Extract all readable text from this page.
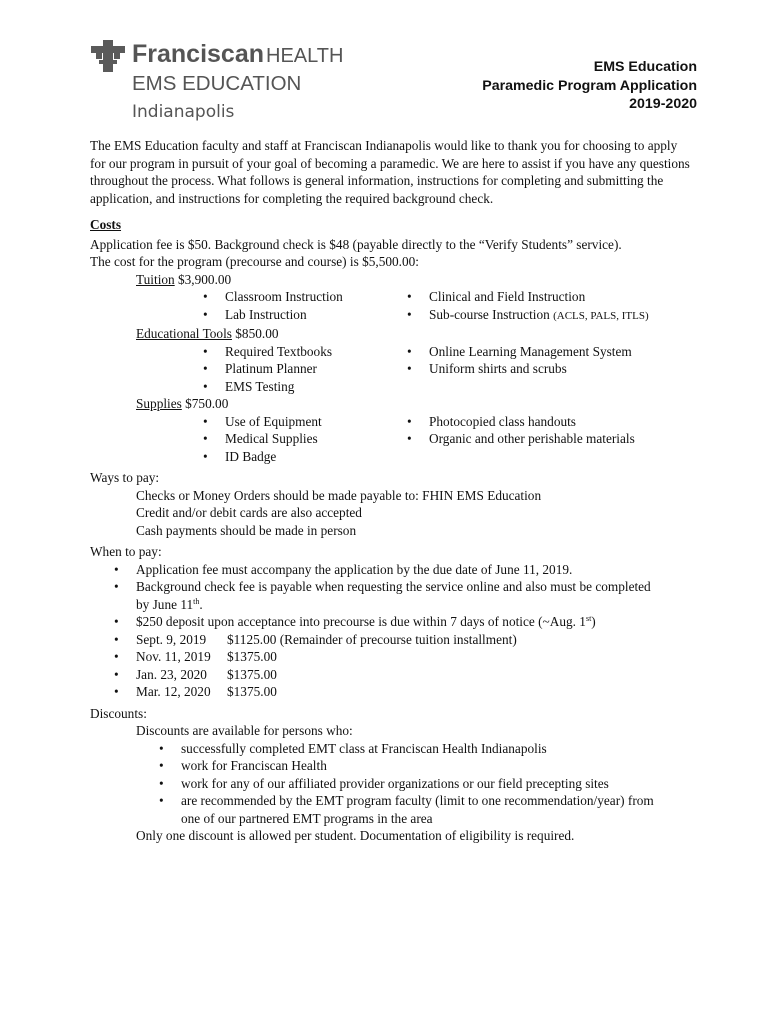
Franciscan HEALTH
EMS EDUCATION
Indianapolis
EMS Education
Paramedic Program Application
2019-2020

The EMS Education faculty and staff at Franciscan Indianapolis would like to thank you for choosing to apply for our program in pursuit of your goal of becoming a paramedic. We are here to assist if you have any questions throughout the process. What follows is general information, instructions for completing and submitting the application, and instructions for completing the required background check.

Costs
Application fee is $50. Background check is $48 (payable directly to the “Verify Students” service).
The cost for the program (precourse and course) is $5,500.00:
Tuition $3,900.00
• Classroom Instruction
• Lab Instruction
• Clinical and Field Instruction
• Sub-course Instruction (ACLS, PALS, ITLS)
Educational Tools $850.00
• Required Textbooks
• Platinum Planner
• EMS Testing
• Online Learning Management System
• Uniform shirts and scrubs
Supplies $750.00
• Use of Equipment
• Medical Supplies
• ID Badge
• Photocopied class handouts
• Organic and other perishable materials
Ways to pay:
Checks or Money Orders should be made payable to: FHIN EMS Education
Credit and/or debit cards are also accepted
Cash payments should be made in person
When to pay:
• Application fee must accompany the application by the due date of June 11, 2019.
• Background check fee is payable when requesting the service online and also must be completed
by June 11th.
• $250 deposit upon acceptance into precourse is due within 7 days of notice (~Aug. 1st)
• Sept. 9, 2019 $1125.00 (Remainder of precourse tuition installment)
• Nov. 11, 2019 $1375.00
• Jan. 23, 2020 $1375.00
• Mar. 12, 2020 $1375.00
Discounts:
Discounts are available for persons who:
• successfully completed EMT class at Franciscan Health Indianapolis
• work for Franciscan Health
• work for any of our affiliated provider organizations or our field precepting sites
• are recommended by the EMT program faculty (limit to one recommendation/year) from
one of our partnered EMT programs in the area
Only one discount is allowed per student. Documentation of eligibility is required.
